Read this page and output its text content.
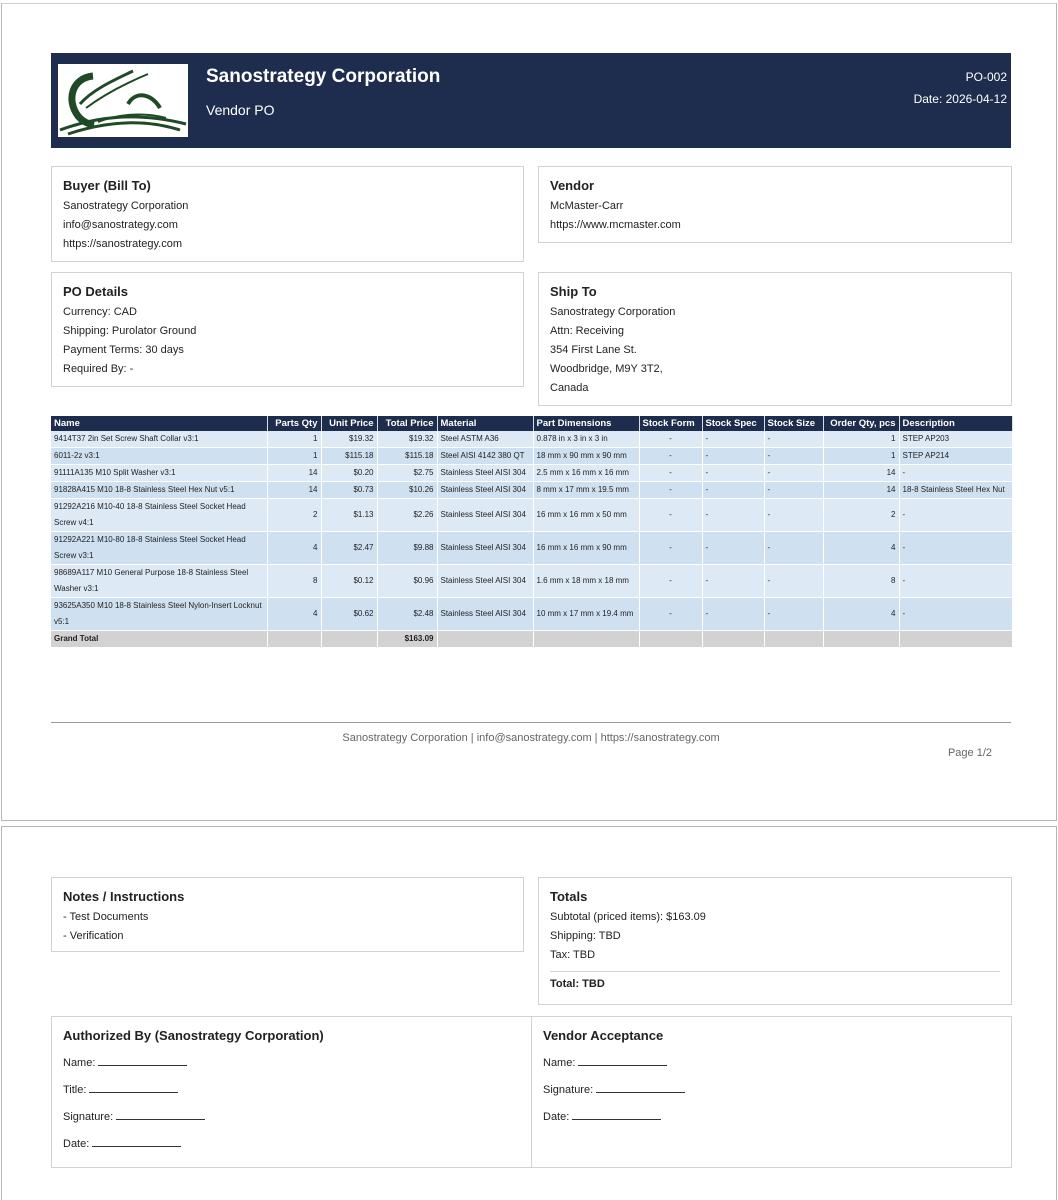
Sanostrategy Corporation
Vendor PO
PO-002
Date: 2026-04-12
Buyer (Bill To)
Sanostrategy Corporation
info@sanostrategy.com
https://sanostrategy.com
Vendor
McMaster-Carr
https://www.mcmaster.com
PO Details
Currency: CAD
Shipping: Purolator Ground
Payment Terms: 30 days
Required By: -
Ship To
Sanostrategy Corporation
Attn: Receiving
354 First Lane St.
Woodbridge, M9Y 3T2,
Canada
Name	Parts Qty	Unit Price	Total Price	Material	Part Dimensions	Stock Form	Stock Spec	Stock Size	Order Qty, pcs	Description
9414T37 2in Set Screw Shaft Collar v3:1	1	$19.32	$19.32	Steel ASTM A36	0.878 in x 3 in x 3 in	-	-	-	1	STEP AP203
6011-2z v3:1	1	$115.18	$115.18	Steel AISI 4142 380 QT	18 mm x 90 mm x 90 mm	-	-	-	1	STEP AP214
91111A135 M10 Split Washer v3:1	14	$0.20	$2.75	Stainless Steel AISI 304	2.5 mm x 16 mm x 16 mm	-	-	-	14	-
91828A415 M10 18-8 Stainless Steel Hex Nut v5:1	14	$0.73	$10.26	Stainless Steel AISI 304	8 mm x 17 mm x 19.5 mm	-	-	-	14	18-8 Stainless Steel Hex Nut
91292A216 M10-40 18-8 Stainless Steel Socket Head Screw v4:1	2	$1.13	$2.26	Stainless Steel AISI 304	16 mm x 16 mm x 50 mm	-	-	-	2	-
91292A221 M10-80 18-8 Stainless Steel Socket Head Screw v3:1	4	$2.47	$9.88	Stainless Steel AISI 304	16 mm x 16 mm x 90 mm	-	-	-	4	-
98689A117 M10 General Purpose 18-8 Stainless Steel Washer v3:1	8	$0.12	$0.96	Stainless Steel AISI 304	1.6 mm x 18 mm x 18 mm	-	-	-	8	-
93625A350 M10 18-8 Stainless Steel Nylon-Insert Locknut v5:1	4	$0.62	$2.48	Stainless Steel AISI 304	10 mm x 17 mm x 19.4 mm	-	-	-	4	-
Grand Total			$163.09							
Sanostrategy Corporation | info@sanostrategy.com | https://sanostrategy.com
Page 1/2
Notes / Instructions
- Test Documents
- Verification
Totals
Subtotal (priced items): $163.09
Shipping: TBD
Tax: TBD
Total: TBD
Authorized By (Sanostrategy Corporation)
Name:
Title:
Signature:
Date:
Vendor Acceptance
Name:
Signature:
Date:
